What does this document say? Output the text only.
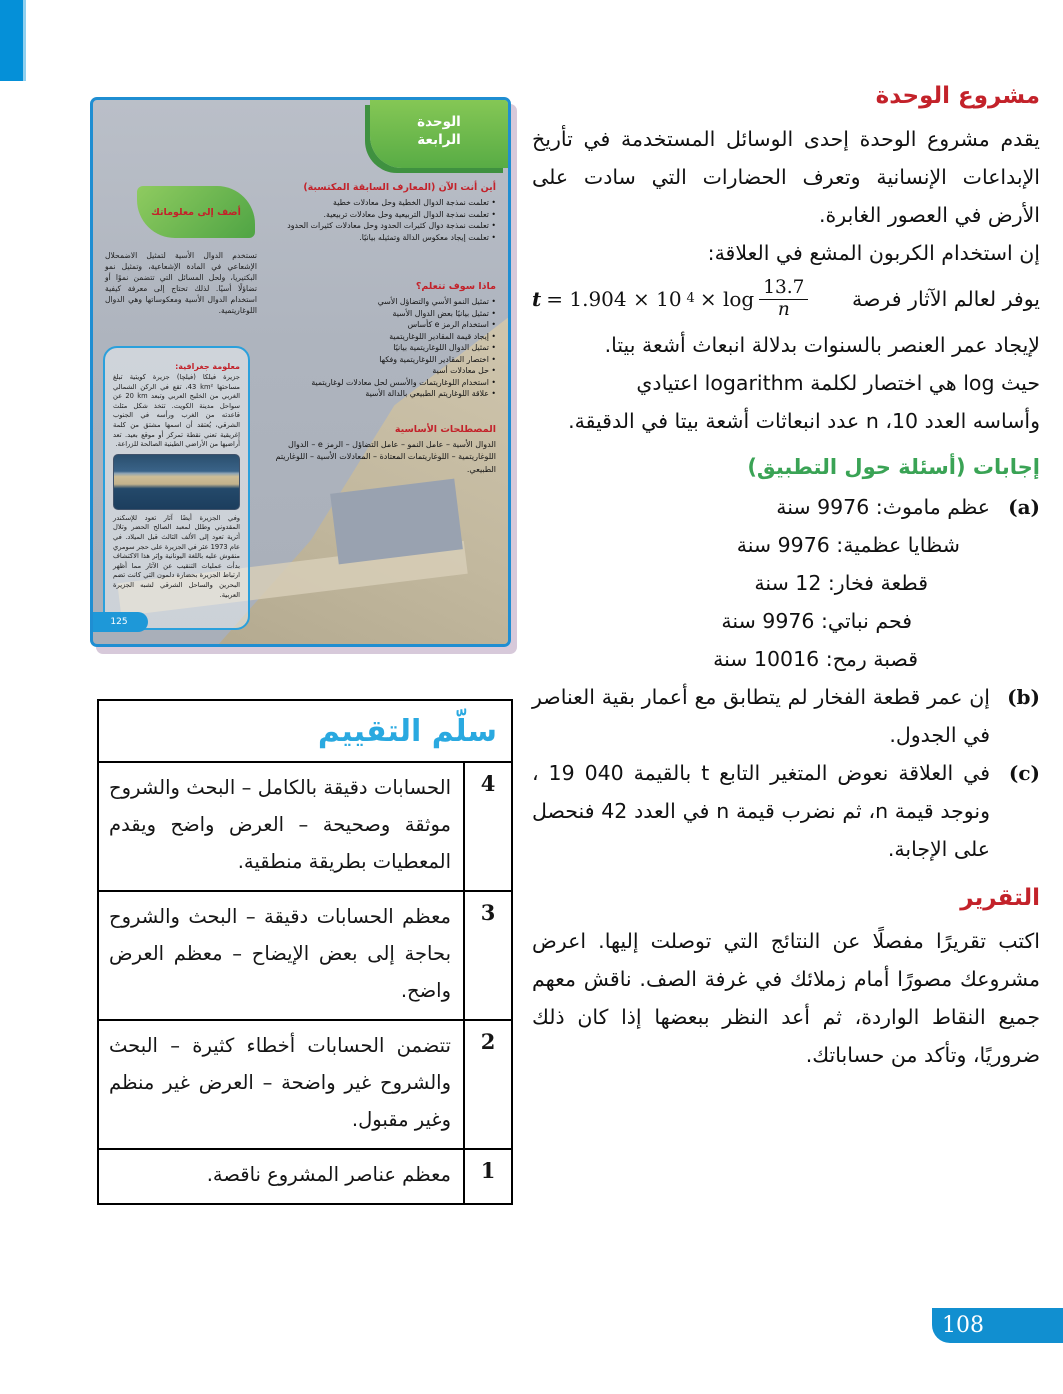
الوحدة
الرابعة
أين أنت الآن (المعارف السابقة المكتسبة)
• تعلمت نمذجة الدوال الخطية وحل معادلات خطية
• تعلمت نمذجة الدوال التربيعية وحل معادلات تربيعية.
• تعلمت نمذجة دوال كثيرات الحدود وحل معادلات كثيرات الحدود
• تعلمت إيجاد معكوس الدالة وتمثيله بيانيًا.
ماذا سوف تتعلم؟
• تمثيل النمو الأسي والتضاؤل الأسي
• تمثيل بيانيًا بعض الدوال الأسية
• استخدام الرمز e كأساس
• إيجاد قيمة المقادير اللوغاريتمية
• تمثيل الدوال اللوغاريتمية بيانيًا
• اختصار المقادير اللوغاريتمية وفكها
• حل معادلات أسية
• استخدام اللوغاريتمات والأسس لحل معادلات لوغاريتمية
• علاقة اللوغاريتم الطبيعي بالدالة الأسية
المصطلحات الأساسية
الدوال الأسية – عامل النمو – عامل التضاؤل – الرمز e – الدوال اللوغاريتمية – اللوغاريتمات المعتادة – المعادلات الأسية – اللوغاريتم الطبيعي.
أضف إلى معلوماتك
تستخدم الدوال الأسية لتمثيل الاضمحلال الإشعاعي في المادة الإشعاعية، وتمثيل نمو البكتيريا، ولحل المسائل التي تتضمن نموًا أو تضاؤلًا أسيًا. لذلك تحتاج إلى معرفة كيفية استخدام الدوال الأسية ومعكوساتها وهي الدوال اللوغاريتمية.
معلومة جغرافية:

جزيرة فيلكا (فيلچا) جزيرة كويتية تبلغ مساحتها ‪43 km²‬، تقع في الركن الشمالي الغربي من الخليج العربي وتبعد ‪20 km‬ عن سواحل مدينة الكويت. تتخذ شكل مثلث قاعدته من الغرب ورأسه في الجنوب الشرقي، يُعتقد أن اسمها مشتق من كلمة إغريقية تعني نقطة تمركز أو موقع بعيد. تعد أراضيها من الأراضي الطينية الصالحة للزراعة.

وفي الجزيرة أيضًا آثار تعود للإسكندر المقدوني وطلل لمعبد الصالح الحضر وتلال أثرية تعود إلى الألف الثالث قبل الميلاد. في عام 1973 عثر في الجزيرة على حجر سومري منقوش عليه باللغة اليونانية وإثر هذا الاكتشاف بدأت عمليات التنقيب عن الآثار مما أظهر ارتباط الجزيرة بحضارة دلمون التي كانت تضم البحرين والساحل الشرقي لشبه الجزيرة العربية.

125
مشروع الوحدة

يقدم مشروع الوحدة إحدى الوسائل المستخدمة في تأريخ الإبداعات الإنسانية وتعرف الحضارات التي سادت على الأرض في العصور الغابرة.

إن استخدام الكربون المشع في العلاقة:

يوفر لعالم الآثار فرصة
t = 1.904 × 10 $4 \times \log \frac{13.7}{n}$

لإيجاد عمر العنصر بالسنوات بدلالة انبعاث أشعة بيتا.

حيث log هي اختصار لكلمة logarithm اعتيادي

وأساسه العدد 10، n عدد انبعاثات أشعة بيتا في الدقيقة.

إجابات (أسئلة حول التطبيق)
(a)
عظم ماموث: 9976 سنة
شظايا عظمية: 9976 سنة
قطعة فخار: 12 سنة
فحم نباتي: 9976 سنة
قصبة رمح: 10016 سنة
(b)
إن عمر قطعة الفخار لم يتطابق مع أعمار بقية العناصر في الجدول.
(c)
في العلاقة نعوض المتغير التابع t بالقيمة ⁦ 19 040⁩، ونوجد قيمة n، ثم نضرب قيمة n في العدد 42 فنحصل على الإجابة.
التقرير

اكتب تقريرًا مفصلًا عن النتائج التي توصلت إليها. اعرض مشروعك مصورًا أمام زملائك في غرفة الصف. ناقش معهم جميع النقاط الواردة، ثم أعد النظر ببعضها إذا كان ذلك ضروريًا، وتأكد من حساباتك.

سلّم التقييم
4
الحسابات دقيقة بالكامل – البحث والشروح موثقة وصحيحة – العرض واضح ويقدم المعطيات بطريقة منطقية.
3
معظم الحسابات دقيقة – البحث والشروح بحاجة إلى بعض الإيضاح – معظم العرض واضح.
2
تتضمن الحسابات أخطاء كثيرة – البحث والشروح غير واضحة – العرض غير منظم وغير مقبول.
1
معظم عناصر المشروع ناقصة.
108
